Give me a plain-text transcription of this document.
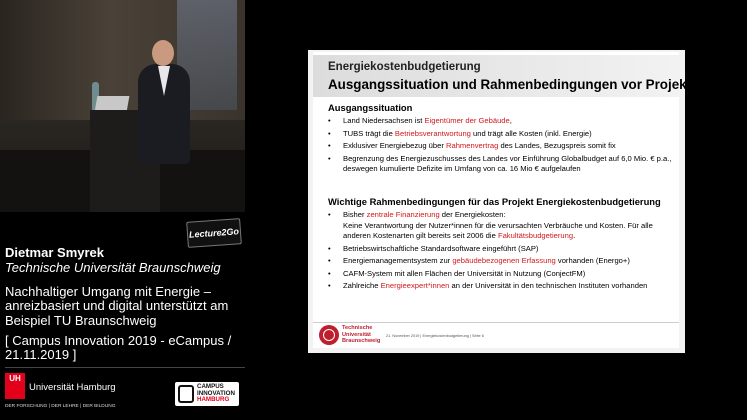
Lecture2Go
Dietmar Smyrek
Technische Universität Braunschweig
Nachhaltiger Umgang mit Energie –
anreizbasiert und digital unterstützt am
Beispiel TU Braunschweig
[ Campus Innovation 2019 - eCampus /
21.11.2019 ]
UH
Universität Hamburg
DER FORSCHUNG | DER LEHRE | DER BILDUNG
CAMPUS
INNOVATION
HAMBURG
Energiekostenbudgetierung
Ausgangssituation und Rahmenbedingungen vor Projektstart
Ausgangssituation
• Land Niedersachsen ist Eigentümer der Gebäude,
• TUBS trägt die Betriebsverantwortung und trägt alle Kosten (inkl. Energie)
• Exklusiver Energiebezug über Rahmenvertrag des Landes, Bezugspreis somit fix
• Begrenzung des Energiezuschusses des Landes vor Einführung Globalbudget auf 6,0 Mio. € p.a., deswegen kumulierte Defizite im Umfang von ca. 16 Mio € aufgelaufen
Wichtige Rahmenbedingungen für das Projekt Energiekostenbudgetierung
• Bisher zentrale Finanzierung der Energiekosten:
Keine Verantwortung der Nutzer*innen für die verursachten Verbräuche und Kosten. Für alle anderen Kostenarten gilt bereits seit 2006 die Fakultätsbudgetierung.
• Betriebswirtschaftliche Standardsoftware eingeführt (SAP)
• Energiemanagementsystem zur gebäudebezogenen Erfassung vorhanden (Energo+)
• CAFM-System mit allen Flächen der Universität in Nutzung (ConjectFM)
• Zahlreiche Energieexpert*innen an der Universität in den technischen Instituten vorhanden
Technische
Universität
Braunschweig
21. November 2019 | Energiekostenbudgetierung | Seite 6
